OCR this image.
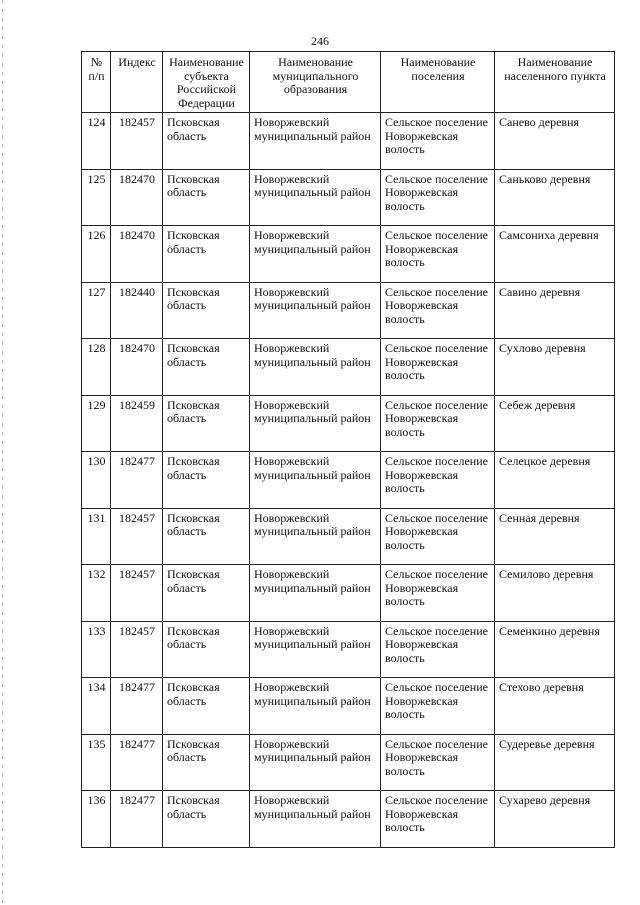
246
№ п/п	Индекс	Наименование субъекта Российской Федерации	Наименование муниципального образования	Наименование поселения	Наименование населенного пункта
124	182457	Псковская область	Новоржевский муниципальный район	Сельское поселение Новоржевская волость	Санево деревня
125	182470	Псковская область	Новоржевский муниципальный район	Сельское поселение Новоржевская волость	Саньково деревня
126	182470	Псковская область	Новоржевский муниципальный район	Сельское поселение Новоржевская волость	Самсониха деревня
127	182440	Псковская область	Новоржевский муниципальный район	Сельское поселение Новоржевская волость	Савино деревня
128	182470	Псковская область	Новоржевский муниципальный район	Сельское поселение Новоржевская волость	Сухлово деревня
129	182459	Псковская область	Новоржевский муниципальный район	Сельское поселение Новоржевская волость	Себеж деревня
130	182477	Псковская область	Новоржевский муниципальный район	Сельское поселение Новоржевская волость	Селецкое деревня
131	182457	Псковская область	Новоржевский муниципальный район	Сельское поселение Новоржевская волость	Сенная деревня
132	182457	Псковская область	Новоржевский муниципальный район	Сельское поселение Новоржевская волость	Семилово деревня
133	182457	Псковская область	Новоржевский муниципальный район	Сельское поселение Новоржевская волость	Семенкино деревня
134	182477	Псковская область	Новоржевский муниципальный район	Сельское поселение Новоржевская волость	Стехово деревня
135	182477	Псковская область	Новоржевский муниципальный район	Сельское поселение Новоржевская волость	Судеревье деревня
136	182477	Псковская область	Новоржевский муниципальный район	Сельское поселение Новоржевская волость	Сухарево деревня
